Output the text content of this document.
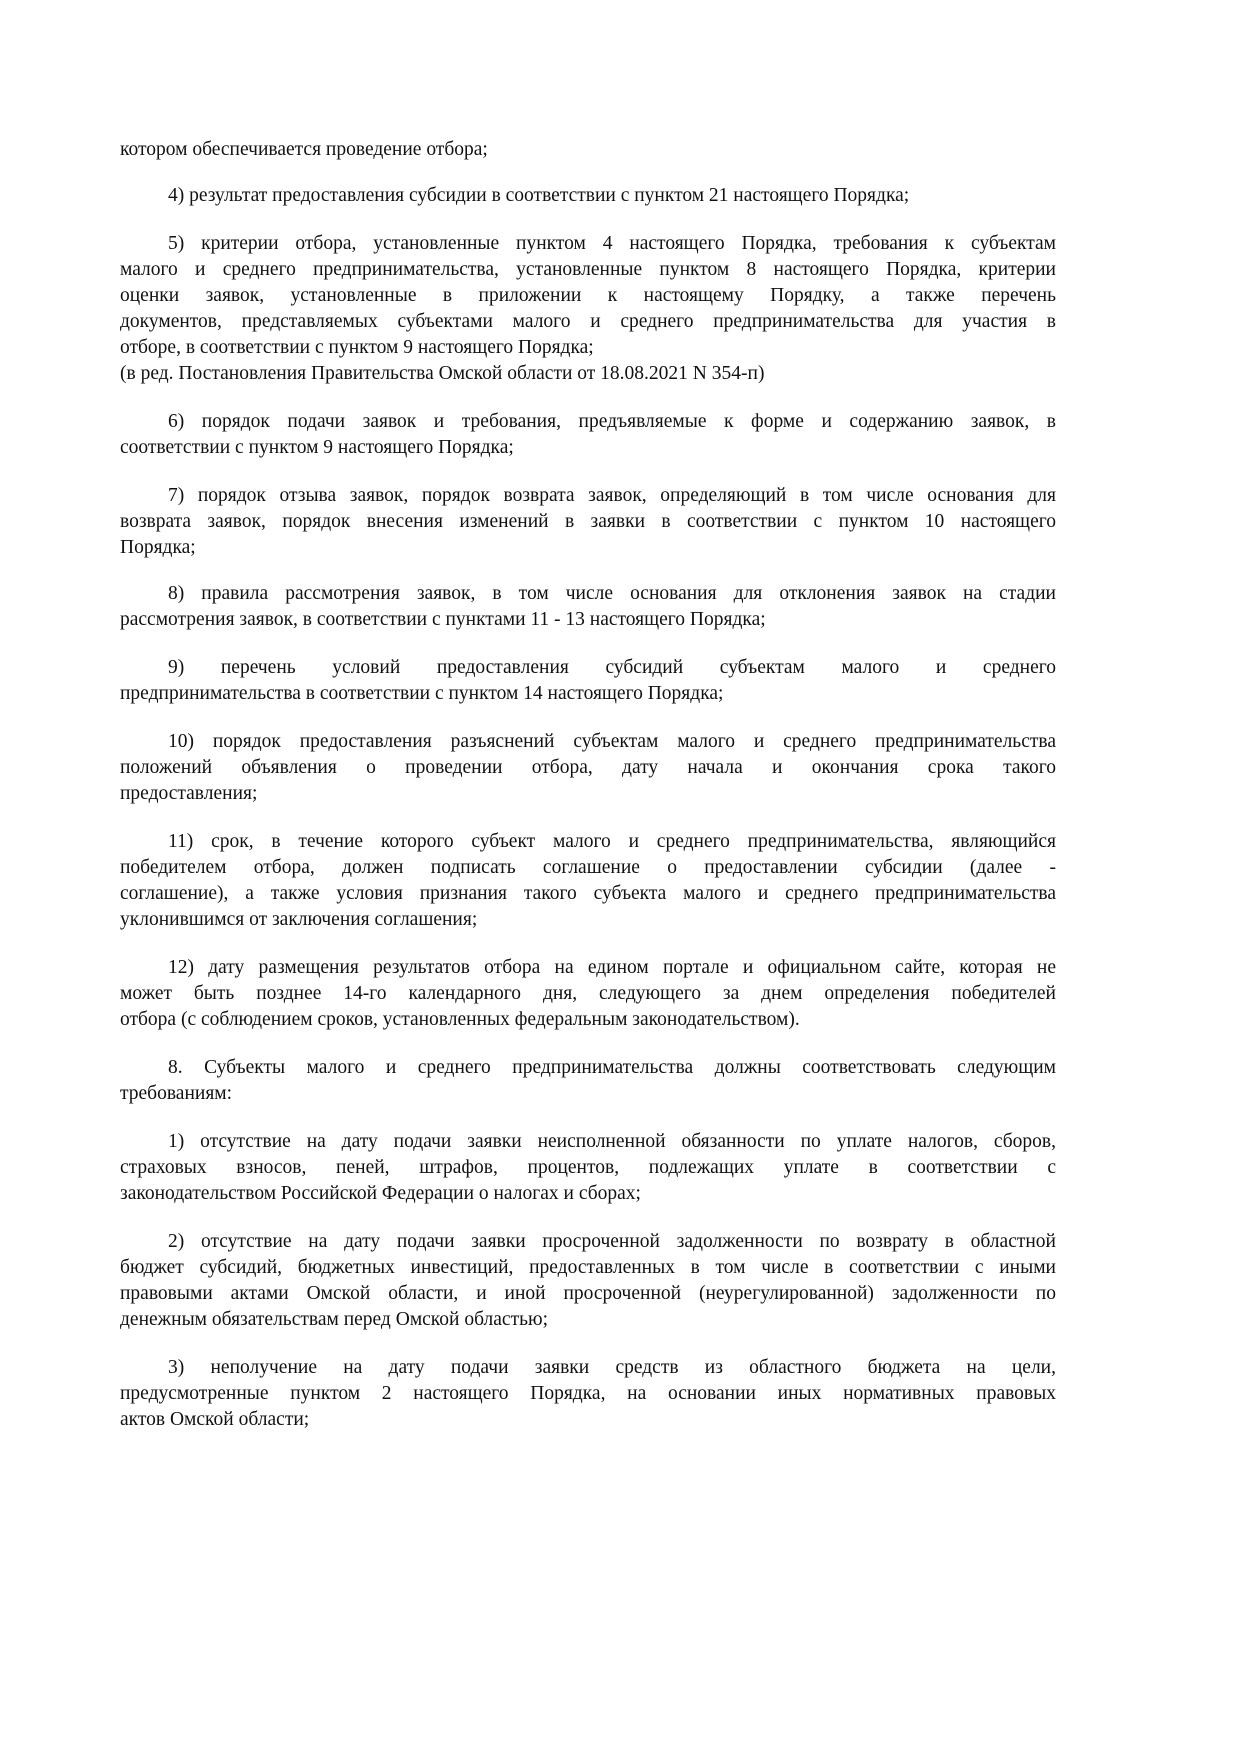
котором обеспечивается проведение отбора;
4) результат предоставления субсидии в соответствии с пунктом 21 настоящего Порядка;
5) критерии отбора, установленные пунктом 4 настоящего Порядка, требования к субъектам
малого и среднего предпринимательства, установленные пунктом 8 настоящего Порядка, критерии
оценки заявок, установленные в приложении к настоящему Порядку, а также перечень
документов, представляемых субъектами малого и среднего предпринимательства для участия в
отборе, в соответствии с пунктом 9 настоящего Порядка;
(в ред. Постановления Правительства Омской области от 18.08.2021 N 354-п)
6) порядок подачи заявок и требования, предъявляемые к форме и содержанию заявок, в
соответствии с пунктом 9 настоящего Порядка;
7) порядок отзыва заявок, порядок возврата заявок, определяющий в том числе основания для
возврата заявок, порядок внесения изменений в заявки в соответствии с пунктом 10 настоящего
Порядка;
8) правила рассмотрения заявок, в том числе основания для отклонения заявок на стадии
рассмотрения заявок, в соответствии с пунктами 11 - 13 настоящего Порядка;
9) перечень условий предоставления субсидий субъектам малого и среднего
предпринимательства в соответствии с пунктом 14 настоящего Порядка;
10) порядок предоставления разъяснений субъектам малого и среднего предпринимательства
положений объявления о проведении отбора, дату начала и окончания срока такого
предоставления;
11) срок, в течение которого субъект малого и среднего предпринимательства, являющийся
победителем отбора, должен подписать соглашение о предоставлении субсидии (далее -
соглашение), а также условия признания такого субъекта малого и среднего предпринимательства
уклонившимся от заключения соглашения;
12) дату размещения результатов отбора на едином портале и официальном сайте, которая не
может быть позднее 14-го календарного дня, следующего за днем определения победителей
отбора (с соблюдением сроков, установленных федеральным законодательством).
8. Субъекты малого и среднего предпринимательства должны соответствовать следующим
требованиям:
1) отсутствие на дату подачи заявки неисполненной обязанности по уплате налогов, сборов,
страховых взносов, пеней, штрафов, процентов, подлежащих уплате в соответствии с
законодательством Российской Федерации о налогах и сборах;
2) отсутствие на дату подачи заявки просроченной задолженности по возврату в областной
бюджет субсидий, бюджетных инвестиций, предоставленных в том числе в соответствии с иными
правовыми актами Омской области, и иной просроченной (неурегулированной) задолженности по
денежным обязательствам перед Омской областью;
3) неполучение на дату подачи заявки средств из областного бюджета на цели,
предусмотренные пунктом 2 настоящего Порядка, на основании иных нормативных правовых
актов Омской области;
